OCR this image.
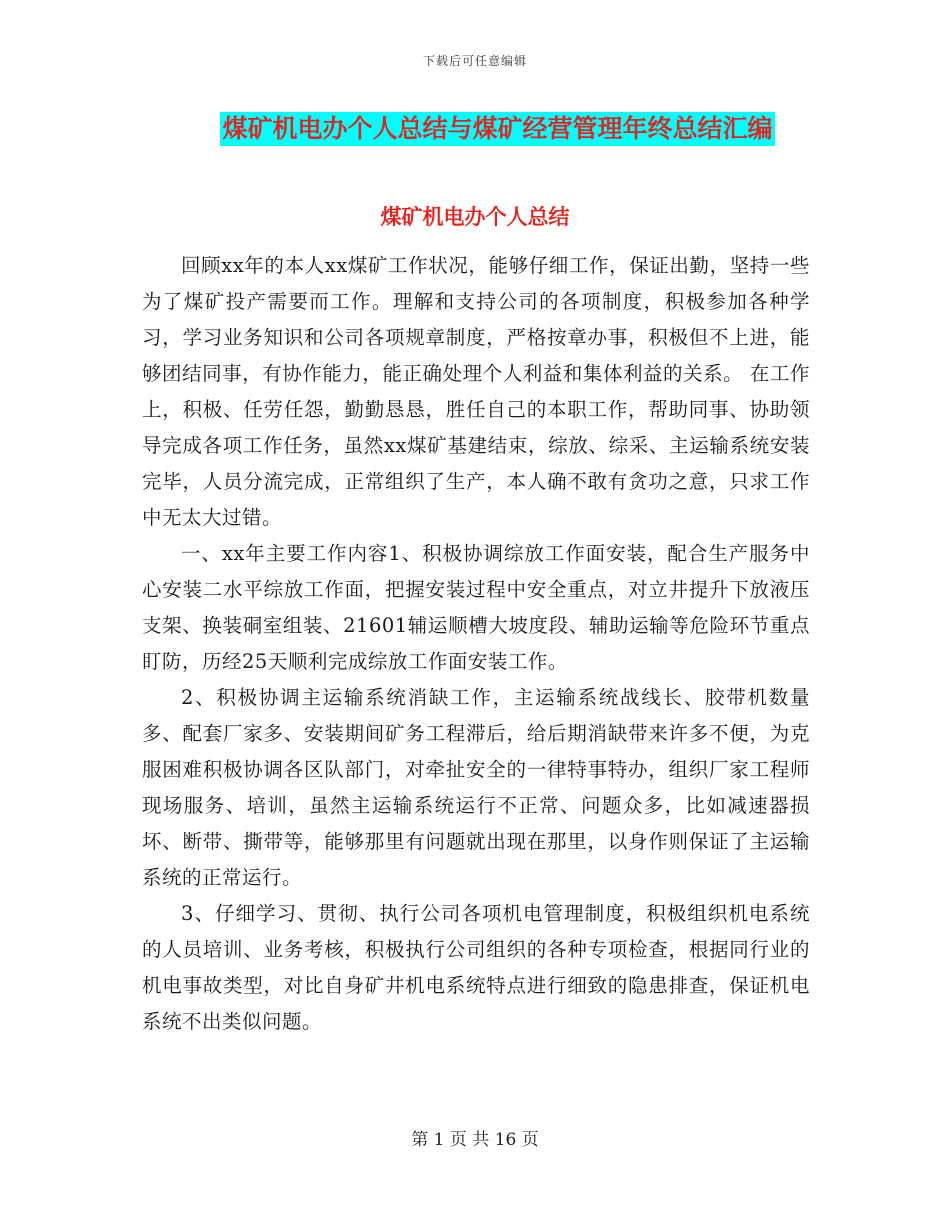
下载后可任意编辑
煤矿机电办个人总结与煤矿经营管理年终总结汇编
煤矿机电办个人总结

回顾xx年的本人xx煤矿工作状况，能够仔细工作，保证出勤，坚持一些为了煤矿投产需要而工作。理解和支持公司的各项制度，积极参加各种学习，学习业务知识和公司各项规章制度，严格按章办事，积极但不上进，能够团结同事，有协作能力，能正确处理个人利益和集体利益的关系。 在工作上，积极、任劳任怨，勤勤恳恳，胜任自己的本职工作，帮助同事、协助领导完成各项工作任务，虽然xx煤矿基建结束，综放、综采、主运输系统安装完毕，人员分流完成，正常组织了生产，本人确不敢有贪功之意，只求工作中无太大过错。

一、xx年主要工作内容1、积极协调综放工作面安装，配合生产服务中心安装二水平综放工作面，把握安装过程中安全重点，对立井提升下放液压支架、换装硐室组装、21601辅运顺槽大坡度段、辅助运输等危险环节重点盯防，历经25天顺利完成综放工作面安装工作。

2、积极协调主运输系统消缺工作，主运输系统战线长、胶带机数量多、配套厂家多、安装期间矿务工程滞后，给后期消缺带来许多不便，为克服困难积极协调各区队部门，对牵扯安全的一律特事特办，组织厂家工程师现场服务、培训，虽然主运输系统运行不正常、问题众多，比如减速器损坏、断带、撕带等，能够那里有问题就出现在那里，以身作则保证了主运输系统的正常运行。

3、仔细学习、贯彻、执行公司各项机电管理制度，积极组织机电系统的人员培训、业务考核，积极执行公司组织的各种专项检查，根据同行业的机电事故类型，对比自身矿井机电系统特点进行细致的隐患排查，保证机电系统不出类似问题。

第 1 页 共 16 页
